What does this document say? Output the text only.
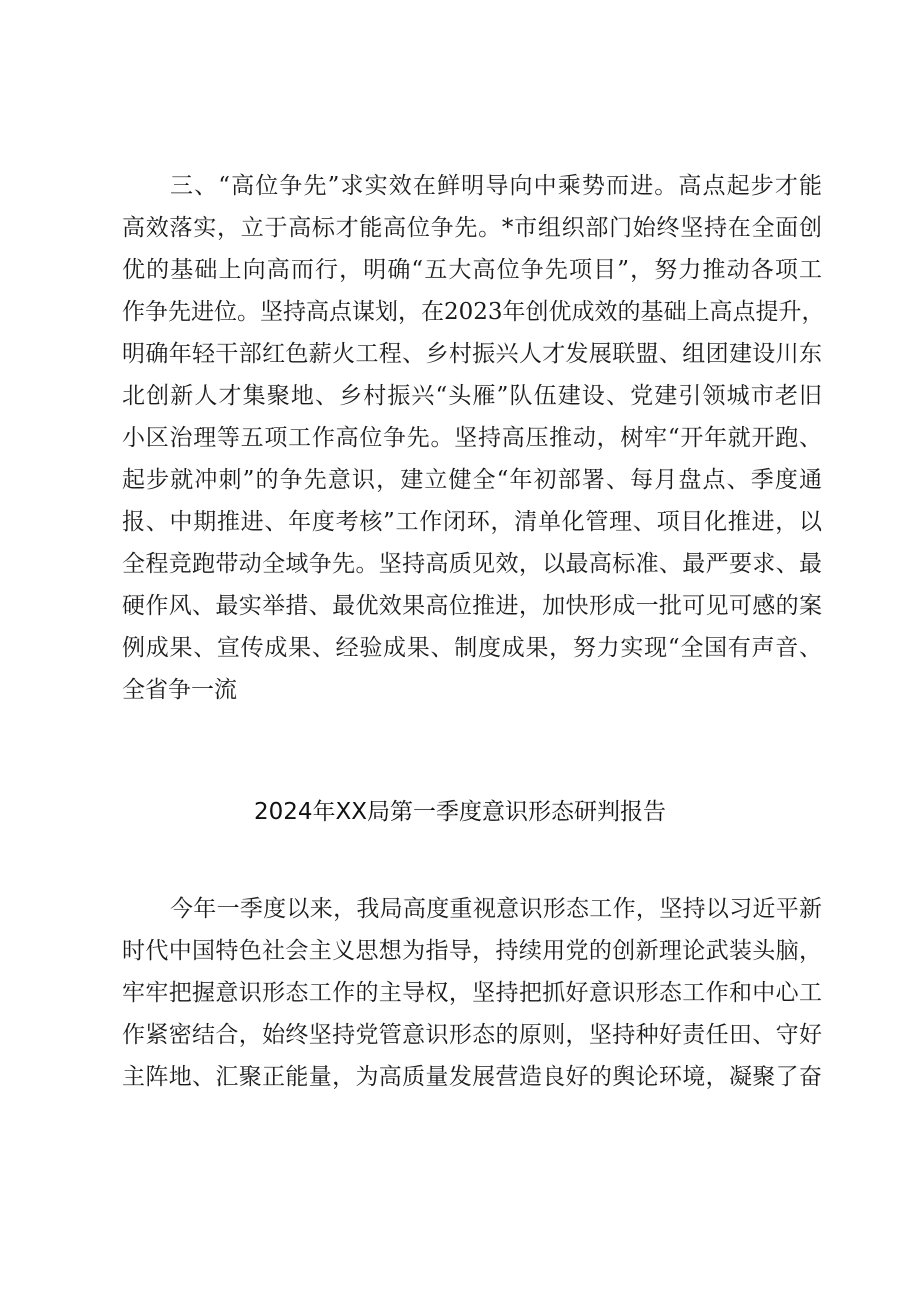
三、“高位争先”求实效在鲜明导向中乘势而进。高点起步才能
高效落实，立于高标才能高位争先。*市组织部门始终坚持在全面创
优的基础上向高而行，明确“五大高位争先项目”，努力推动各项工
作争先进位。坚持高点谋划，在2023年创优成效的基础上高点提升，
明确年轻干部红色薪火工程、乡村振兴人才发展联盟、组团建设川东
北创新人才集聚地、乡村振兴“头雁”队伍建设、党建引领城市老旧
小区治理等五项工作高位争先。坚持高压推动，树牢“开年就开跑、
起步就冲刺”的争先意识，建立健全“年初部署、每月盘点、季度通
报、中期推进、年度考核”工作闭环，清单化管理、项目化推进，以
全程竞跑带动全域争先。坚持高质见效，以最高标准、最严要求、最
硬作风、最实举措、最优效果高位推进，加快形成一批可见可感的案
例成果、宣传成果、经验成果、制度成果，努力实现“全国有声音、
全省争一流
2024年XX局第一季度意识形态研判报告
今年一季度以来，我局高度重视意识形态工作，坚持以习近平新
时代中国特色社会主义思想为指导，持续用党的创新理论武装头脑，
牢牢把握意识形态工作的主导权，坚持把抓好意识形态工作和中心工
作紧密结合，始终坚持党管意识形态的原则，坚持种好责任田、守好
主阵地、汇聚正能量，为高质量发展营造良好的舆论环境，凝聚了奋
